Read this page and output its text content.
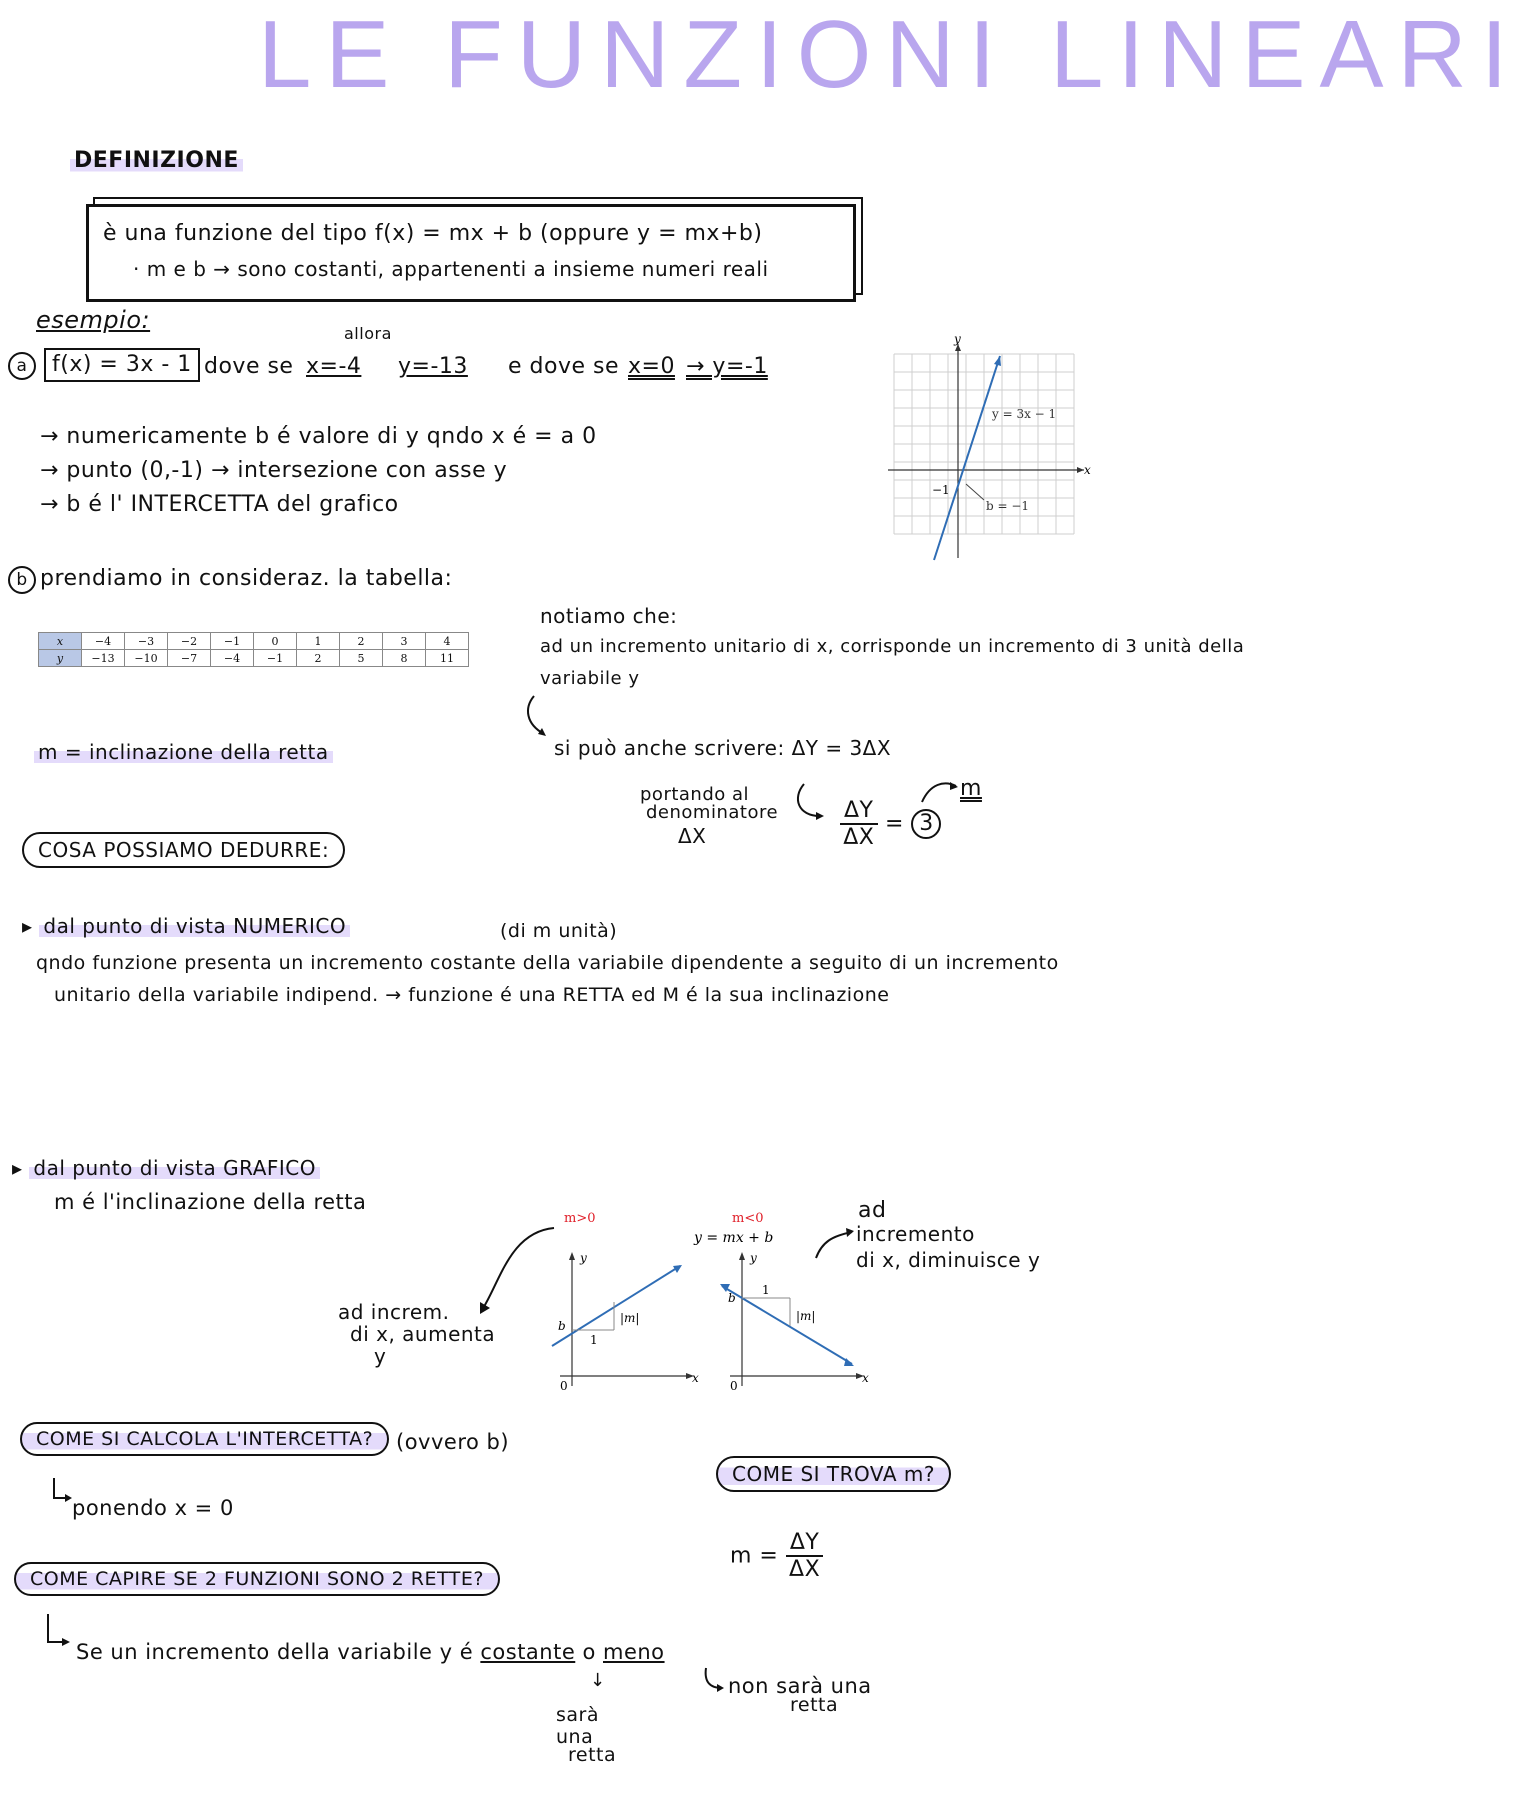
LE FUNZIONI LINEARI
DEFINIZIONE
è una funzione del tipo f(x) = mx + b (oppure y = mx+b)
· m e b → sono costanti, appartenenti a insieme numeri reali
esempio:
a	f(x) = 3x - 1 dove se x=-4
allora
y=-13 e dove se x=0 → y=-1
→ numericamente b é valore di y qndo x é = a 0
→ punto (0,-1) → intersezione con asse y
→ b é l' INTERCETTA del grafico
y
x
y = 3x − 1
−1
b = −1
b prendiamo in consideraz. la tabella:
x	−4	−3	−2	−1	0	1	2	3	4
y	−13	−10	−7	−4	−1	2	5	8	11
notiamo che:
ad un incremento unitario di x, corrisponde un incremento di 3 unità della
variabile y
si può anche scrivere: ΔY = 3ΔX
portando al
denominatore
ΔX	$\frac{\Delta Y}{\Delta X} = 3$
m
m = inclinazione della retta
COSA POSSIAMO DEDURRE:
▸ dal punto di vista NUMERICO	(di m unità)
qndo funzione presenta un incremento costante della variabile dipendente a seguito di un incremento
unitario della variabile indipend. → funzione é una RETTA ed M é la sua inclinazione
▸ dal punto di vista GRAFICO
m é l'inclinazione della retta
ad increm.
di x, aumenta
y
ad
incremento
di x, diminuisce y
m>0
y
x
b
|m|
1
0
m<0
y = mx + b
y
x
b
|m|
1
0
COME SI CALCOLA L'INTERCETTA?	(ovvero b)
ponendo x = 0
COME SI TROVA m?
$m = \frac{\Delta Y}{\Delta X}$
COME CAPIRE SE 2 FUNZIONI SONO 2 RETTE?
Se un incremento della variabile y é costante o meno
↓
sarà
una
retta
non sarà una
retta
